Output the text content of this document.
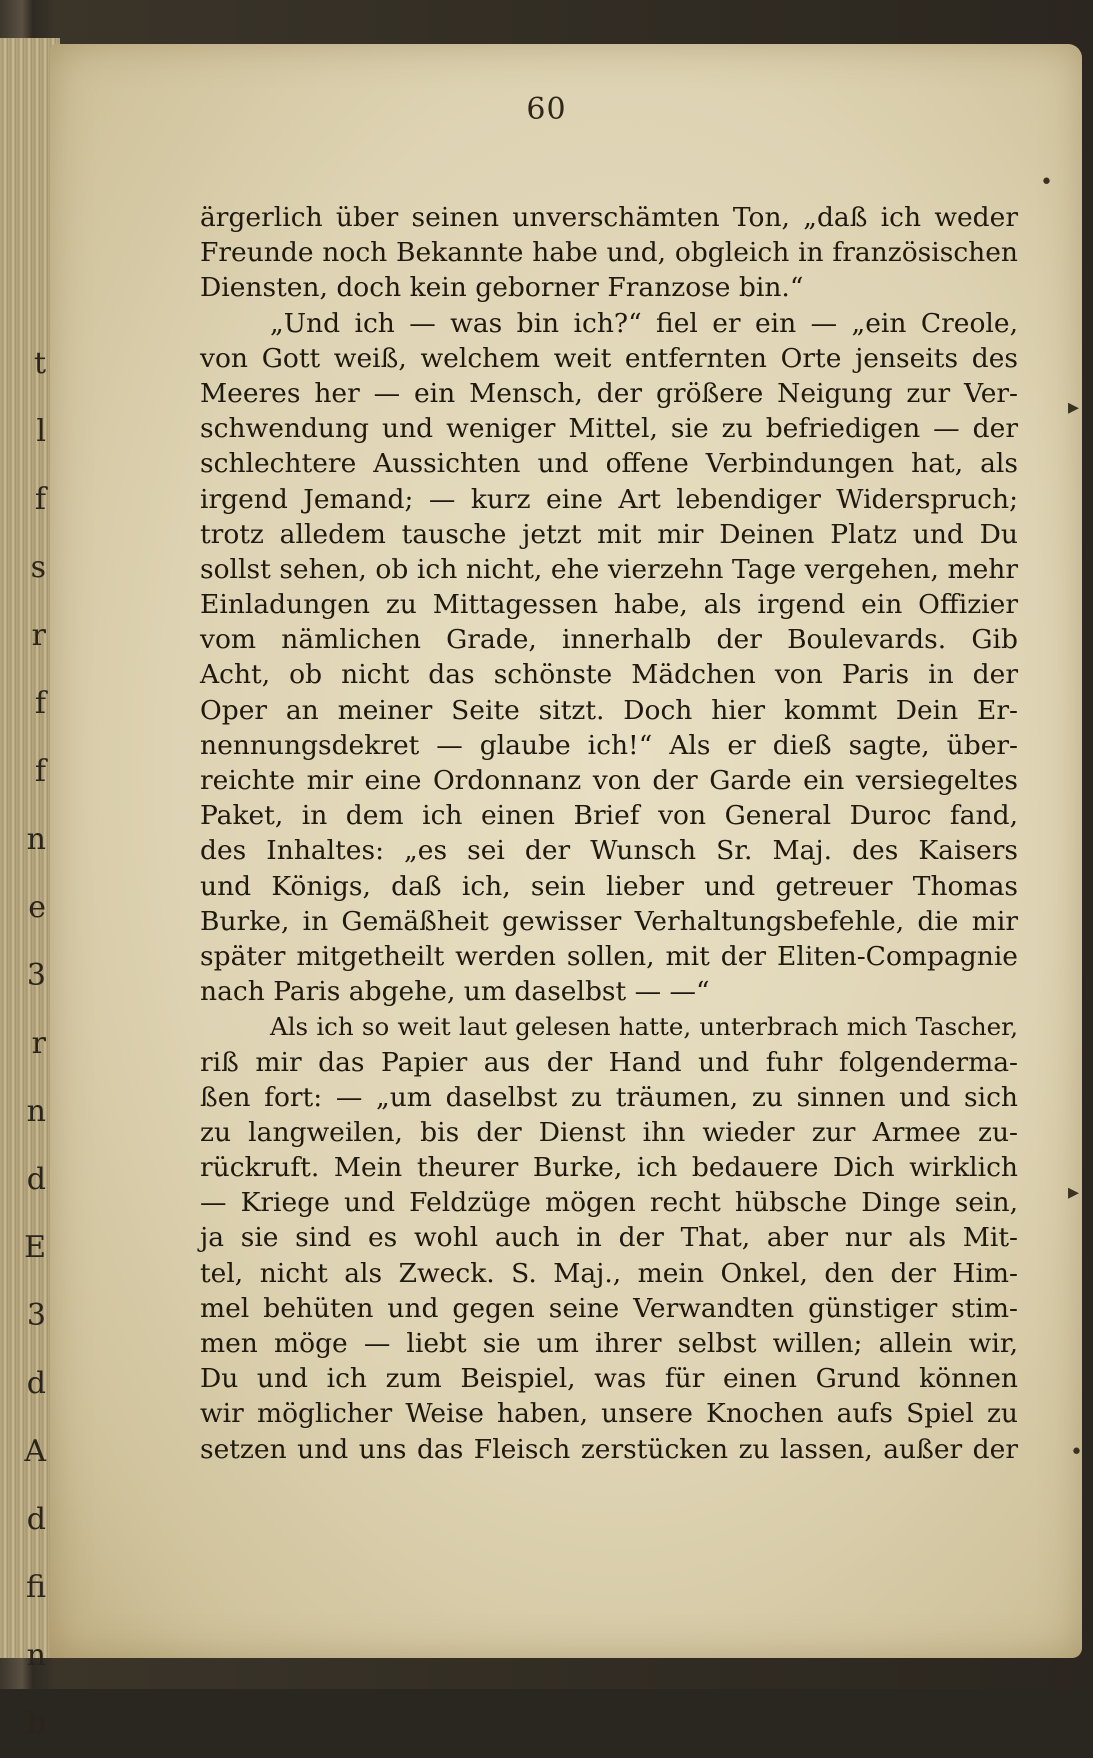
t
l
f
s
r
f
f
n
e
3
r
n
d
E
3
d
A
d
fi
n
b
60
ärgerlich über seinen unverschämten Ton, „daß ich weder
Freunde noch Bekannte habe und, obgleich in französischen
Diensten, doch kein geborner Franzose bin.“
„Und ich — was bin ich?“ fiel er ein — „ein Creole,
von Gott weiß, welchem weit entfernten Orte jenseits des
Meeres her — ein Mensch, der größere Neigung zur Ver-
schwendung und weniger Mittel, sie zu befriedigen — der
schlechtere Aussichten und offene Verbindungen hat, als
irgend Jemand; — kurz eine Art lebendiger Widerspruch;
trotz alledem tausche jetzt mit mir Deinen Platz und Du
sollst sehen, ob ich nicht, ehe vierzehn Tage vergehen, mehr
Einladungen zu Mittagessen habe, als irgend ein Offizier
vom nämlichen Grade, innerhalb der Boulevards. Gib
Acht, ob nicht das schönste Mädchen von Paris in der
Oper an meiner Seite sitzt. Doch hier kommt Dein Er-
nennungsdekret — glaube ich!“ Als er dieß sagte, über-
reichte mir eine Ordonnanz von der Garde ein versiegeltes
Paket, in dem ich einen Brief von General Duroc fand,
des Inhaltes: „es sei der Wunsch Sr. Maj. des Kaisers
und Königs, daß ich, sein lieber und getreuer Thomas
Burke, in Gemäßheit gewisser Verhaltungsbefehle, die mir
später mitgetheilt werden sollen, mit der Eliten-Compagnie
nach Paris abgehe, um daselbst — —“
Als ich so weit laut gelesen hatte, unterbrach mich Tascher,
riß mir das Papier aus der Hand und fuhr folgenderma-
ßen fort: — „um daselbst zu träumen, zu sinnen und sich
zu langweilen, bis der Dienst ihn wieder zur Armee zu-
rückruft. Mein theurer Burke, ich bedauere Dich wirklich
— Kriege und Feldzüge mögen recht hübsche Dinge sein,
ja sie sind es wohl auch in der That, aber nur als Mit-
tel, nicht als Zweck. S. Maj., mein Onkel, den der Him-
mel behüten und gegen seine Verwandten günstiger stim-
men möge — liebt sie um ihrer selbst willen; allein wir,
Du und ich zum Beispiel, was für einen Grund können
wir möglicher Weise haben, unsere Knochen aufs Spiel zu
setzen und uns das Fleisch zerstücken zu lassen, außer der
•
▸
▸
•
